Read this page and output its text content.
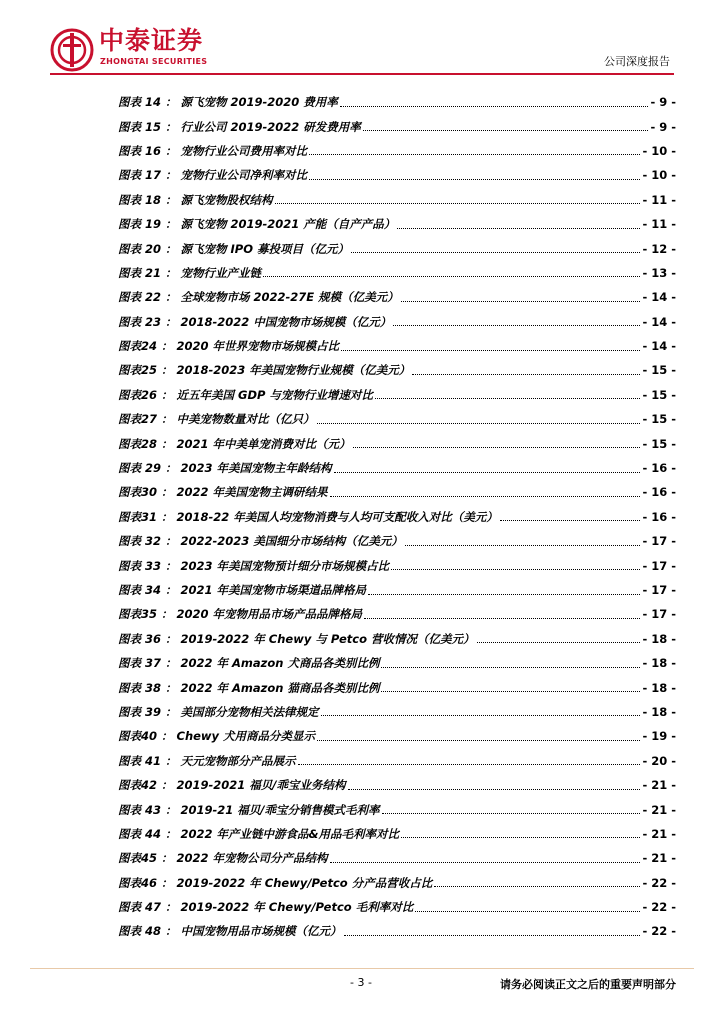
中泰证券
ZHONGTAI SECURITIES	公司深度报告
图表 14 ： 源飞宠物 2019-2020 费用率	- 9 -
图表 15 ： 行业公司 2019-2022 研发费用率	- 9 -
图表 16 ： 宠物行业公司费用率对比	- 10 -
图表 17 ： 宠物行业公司净利率对比	- 10 -
图表 18 ： 源飞宠物股权结构	- 11 -
图表 19 ： 源飞宠物 2019-2021 产能（自产产品）	- 11 -
图表 20 ： 源飞宠物 IPO 募投项目（亿元）	- 12 -
图表 21 ： 宠物行业产业链	- 13 -
图表 22 ： 全球宠物市场 2022-27E 规模（亿美元）	- 14 -
图表 23 ： 2018-2022 中国宠物市场规模（亿元）	- 14 -
图表24 ： 2020 年世界宠物市场规模占比	- 14 -
图表25 ： 2018-2023 年美国宠物行业规模（亿美元）	- 15 -
图表26 ： 近五年美国 GDP 与宠物行业增速对比	- 15 -
图表27 ： 中美宠物数量对比（亿只）	- 15 -
图表28 ： 2021 年中美单宠消费对比（元）	- 15 -
图表 29 ： 2023 年美国宠物主年龄结构	- 16 -
图表30 ： 2022 年美国宠物主调研结果	- 16 -
图表31 ： 2018-22 年美国人均宠物消费与人均可支配收入对比（美元）	- 16 -
图表 32 ： 2022-2023 美国细分市场结构（亿美元）	- 17 -
图表 33 ： 2023 年美国宠物预计细分市场规模占比	- 17 -
图表 34 ： 2021 年美国宠物市场渠道品牌格局	- 17 -
图表35 ： 2020 年宠物用品市场产品品牌格局	- 17 -
图表 36 ： 2019-2022 年 Chewy 与 Petco 营收情况（亿美元）	- 18 -
图表 37 ： 2022 年 Amazon 犬商品各类别比例	- 18 -
图表 38 ： 2022 年 Amazon 猫商品各类别比例	- 18 -
图表 39 ： 美国部分宠物相关法律规定	- 18 -
图表40 ： Chewy 犬用商品分类显示	- 19 -
图表 41 ： 天元宠物部分产品展示	- 20 -
图表42 ： 2019-2021 福贝/乖宝业务结构	- 21 -
图表 43 ： 2019-21 福贝/乖宝分销售模式毛利率	- 21 -
图表 44 ： 2022 年产业链中游食品&用品毛利率对比	- 21 -
图表45 ： 2022 年宠物公司分产品结构	- 21 -
图表46 ： 2019-2022 年 Chewy/Petco 分产品营收占比	- 22 -
图表 47 ： 2019-2022 年 Chewy/Petco 毛利率对比	- 22 -
图表 48 ： 中国宠物用品市场规模（亿元）	- 22 -
- 3 -	请务必阅读正文之后的重要声明部分
